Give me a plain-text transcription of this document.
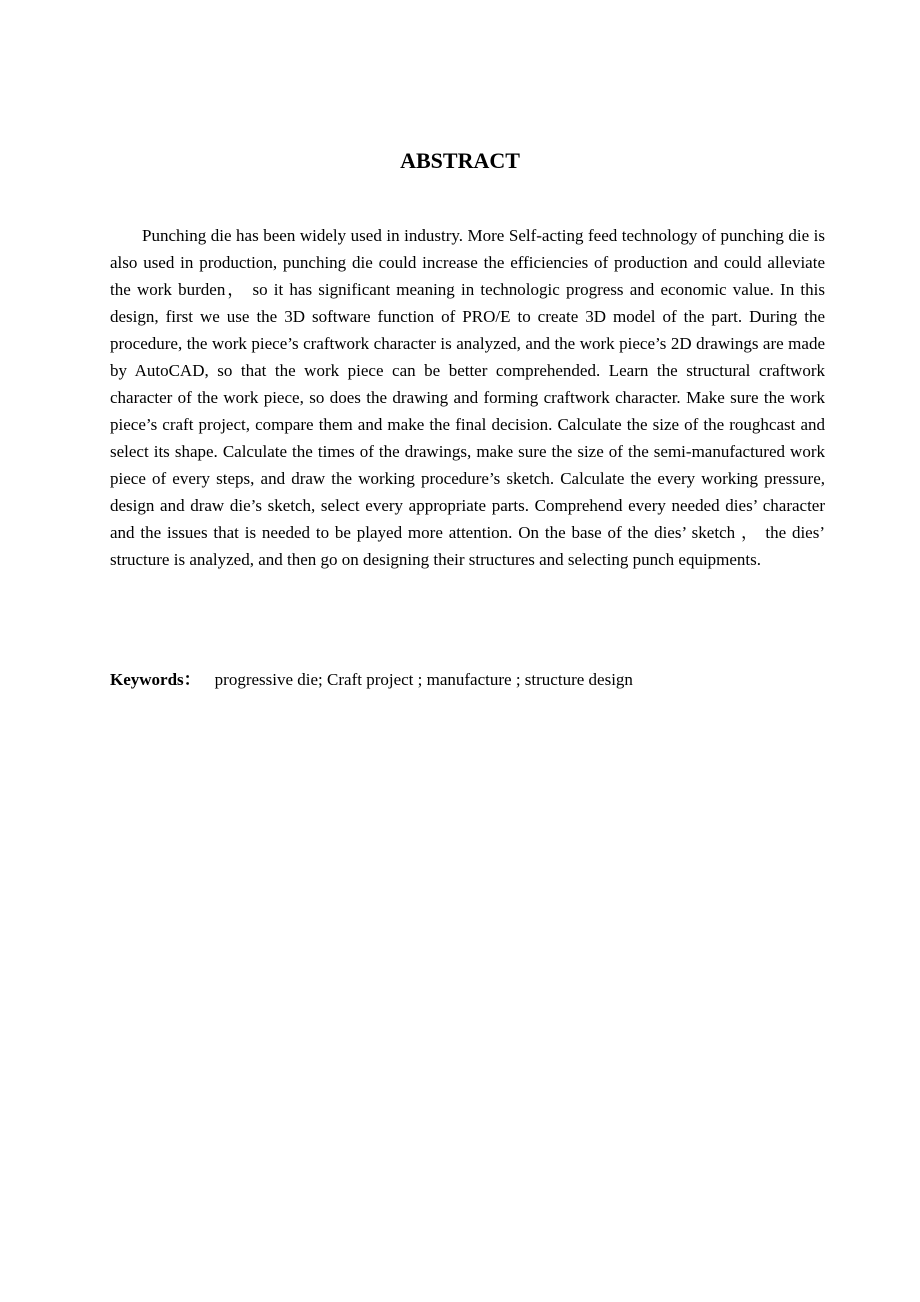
ABSTRACT

Punching die has been widely used in industry. More Self-acting feed technology of punching die is also used in production, punching die could increase the efficiencies of production and could alleviate the work burden， so it has significant meaning in technologic progress and economic value. In this design, first we use the 3D software function of PRO/E to create 3D model of the part. During the procedure, the work piece’s craftwork character is analyzed, and the work piece’s 2D drawings are made by AutoCAD, so that the work piece can be better comprehended. Learn the structural craftwork character of the work piece, so does the drawing and forming craftwork character. Make sure the work piece’s craft project, compare them and make the final decision. Calculate the size of the roughcast and select its shape. Calculate the times of the drawings, make sure the size of the semi-manufactured work piece of every steps, and draw the working procedure’s sketch. Calculate the every working pressure, design and draw die’s sketch, select every appropriate parts. Comprehend every needed dies’ character and the issues that is needed to be played more attention. On the base of the dies’ sketch ， the dies’ structure is analyzed, and then go on designing their structures and selecting punch equipments.

Keywords： progressive die; Craft project ; manufacture ; structure design
